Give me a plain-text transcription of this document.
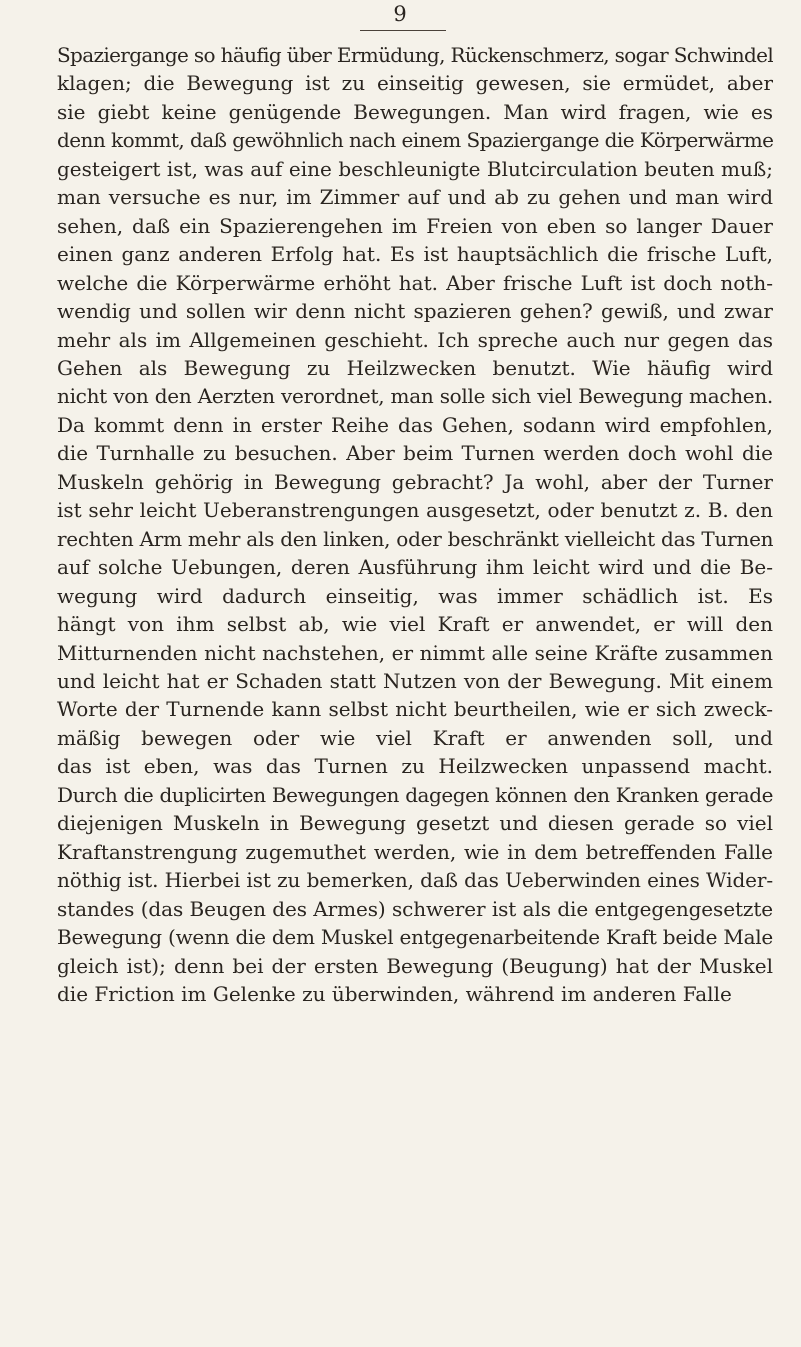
9
Spaziergange so häufig über Ermüdung, Rückenschmerz, sogar Schwindel
klagen; die Bewegung ist zu einseitig gewesen, sie ermüdet, aber
sie giebt keine genügende Bewegungen. Man wird fragen, wie es
denn kommt, daß gewöhnlich nach einem Spaziergange die Körperwärme
gesteigert ist, was auf eine beschleunigte Blutcirculation beuten muß;
man versuche es nur, im Zimmer auf und ab zu gehen und man wird
sehen, daß ein Spazierengehen im Freien von eben so langer Dauer
einen ganz anderen Erfolg hat. Es ist hauptsächlich die frische Luft,
welche die Körperwärme erhöht hat. Aber frische Luft ist doch noth-
wendig und sollen wir denn nicht spazieren gehen? gewiß, und zwar
mehr als im Allgemeinen geschieht. Ich spreche auch nur gegen das
Gehen als Bewegung zu Heilzwecken benutzt. Wie häufig wird
nicht von den Aerzten verordnet, man solle sich viel Bewegung machen.
Da kommt denn in erster Reihe das Gehen, sodann wird empfohlen,
die Turnhalle zu besuchen. Aber beim Turnen werden doch wohl die
Muskeln gehörig in Bewegung gebracht? Ja wohl, aber der Turner
ist sehr leicht Ueberanstrengungen ausgesetzt, oder benutzt z. B. den
rechten Arm mehr als den linken, oder beschränkt vielleicht das Turnen
auf solche Uebungen, deren Ausführung ihm leicht wird und die Be-
wegung wird dadurch einseitig, was immer schädlich ist. Es
hängt von ihm selbst ab, wie viel Kraft er anwendet, er will den
Mitturnenden nicht nachstehen, er nimmt alle seine Kräfte zusammen
und leicht hat er Schaden statt Nutzen von der Bewegung. Mit einem
Worte der Turnende kann selbst nicht beurtheilen, wie er sich zweck-
mäßig bewegen oder wie viel Kraft er anwenden soll, und
das ist eben, was das Turnen zu Heilzwecken unpassend macht.
Durch die duplicirten Bewegungen dagegen können den Kranken gerade
diejenigen Muskeln in Bewegung gesetzt und diesen gerade so viel
Kraftanstrengung zugemuthet werden, wie in dem betreffenden Falle
nöthig ist. Hierbei ist zu bemerken, daß das Ueberwinden eines Wider-
standes (das Beugen des Armes) schwerer ist als die entgegengesetzte
Bewegung (wenn die dem Muskel entgegenarbeitende Kraft beide Male
gleich ist); denn bei der ersten Bewegung (Beugung) hat der Muskel
die Friction im Gelenke zu überwinden, während im anderen Falle
